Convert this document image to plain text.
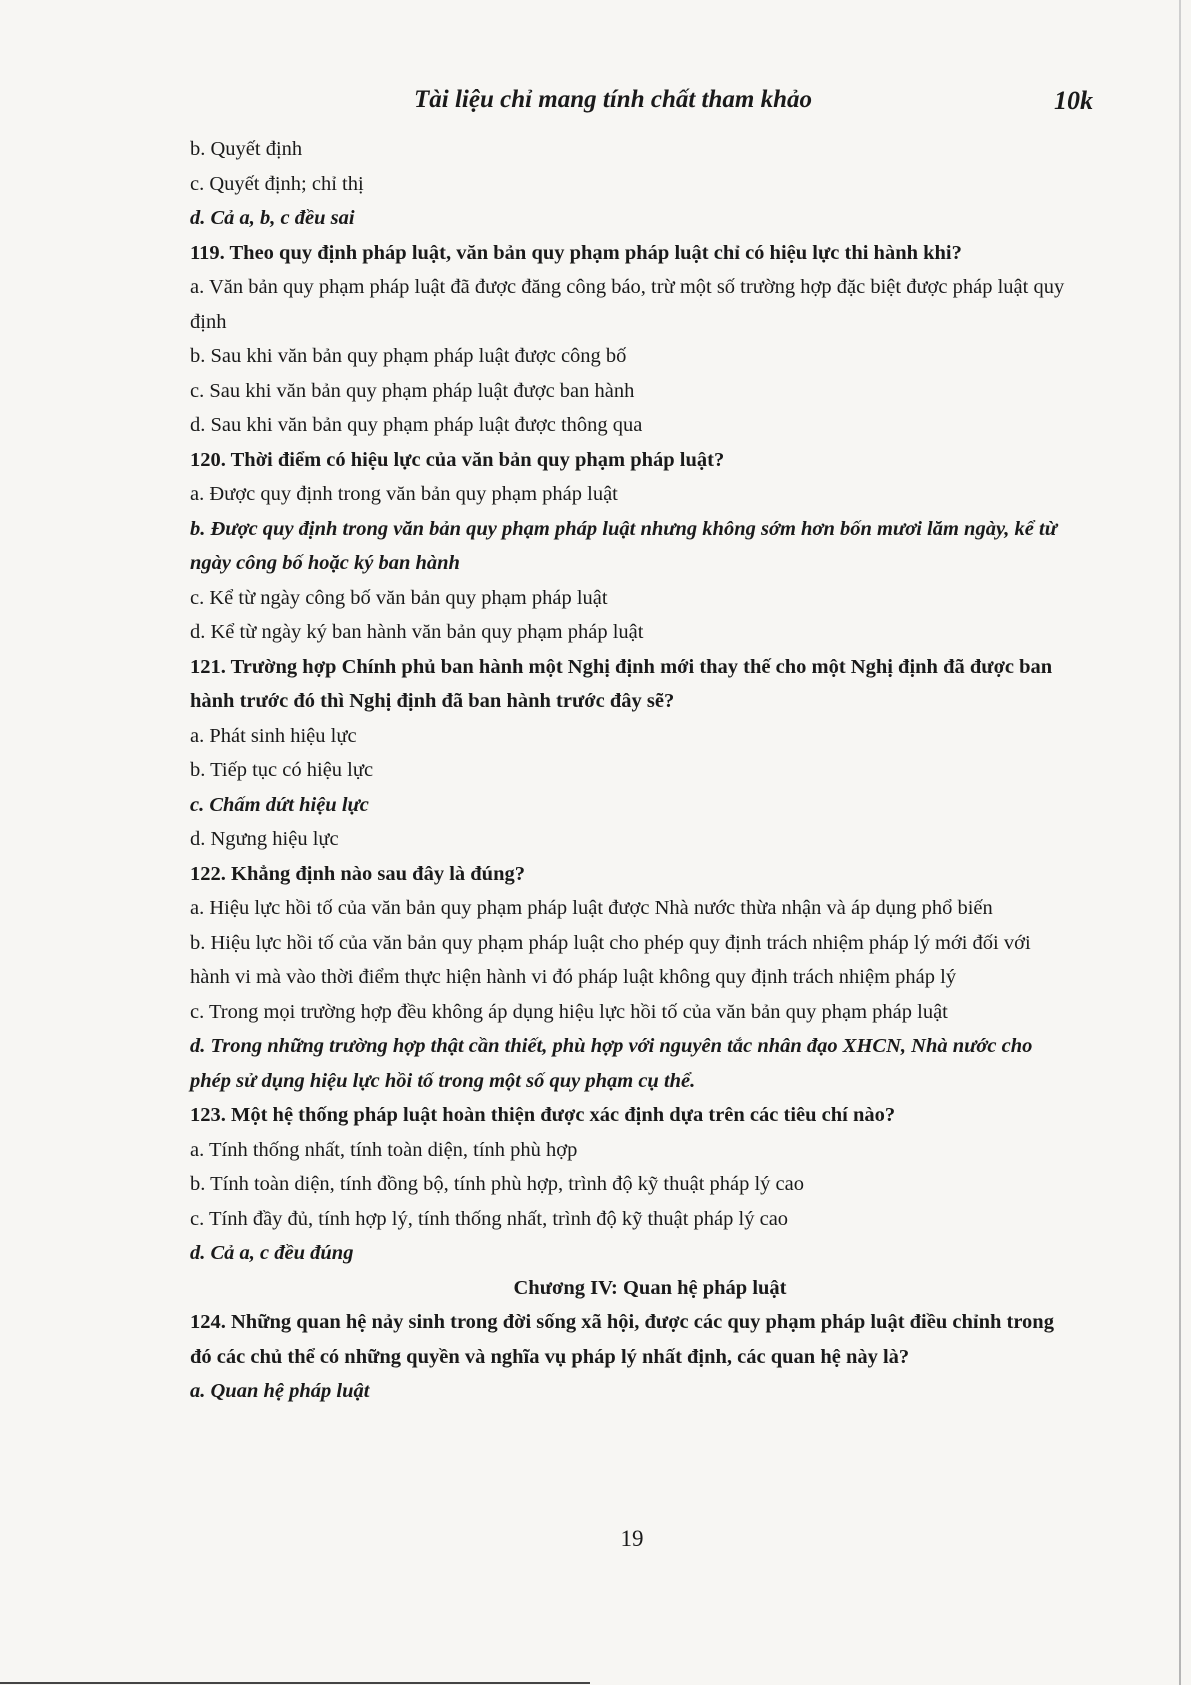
Tài liệu chỉ mang tính chất tham khảo	10k

b. Quyết định

c. Quyết định; chỉ thị

d. Cả a, b, c đều sai

119. Theo quy định pháp luật, văn bản quy phạm pháp luật chỉ có hiệu lực thi hành khi?

a. Văn bản quy phạm pháp luật đã được đăng công báo, trừ một số trường hợp đặc biệt được pháp luật quy định

b. Sau khi văn bản quy phạm pháp luật được công bố

c. Sau khi văn bản quy phạm pháp luật được ban hành

d. Sau khi văn bản quy phạm pháp luật được thông qua

120. Thời điểm có hiệu lực của văn bản quy phạm pháp luật?

a. Được quy định trong văn bản quy phạm pháp luật

b. Được quy định trong văn bản quy phạm pháp luật nhưng không sớm hơn bốn mươi lăm ngày, kể từ ngày công bố hoặc ký ban hành

c. Kể từ ngày công bố văn bản quy phạm pháp luật

d. Kể từ ngày ký ban hành văn bản quy phạm pháp luật

121. Trường hợp Chính phủ ban hành một Nghị định mới thay thế cho một Nghị định đã được ban hành trước đó thì Nghị định đã ban hành trước đây sẽ?

a. Phát sinh hiệu lực

b. Tiếp tục có hiệu lực

c. Chấm dứt hiệu lực

d. Ngưng hiệu lực

122. Khẳng định nào sau đây là đúng?

a. Hiệu lực hồi tố của văn bản quy phạm pháp luật được Nhà nước thừa nhận và áp dụng phổ biến

b. Hiệu lực hồi tố của văn bản quy phạm pháp luật cho phép quy định trách nhiệm pháp lý mới đối với hành vi mà vào thời điểm thực hiện hành vi đó pháp luật không quy định trách nhiệm pháp lý

c. Trong mọi trường hợp đều không áp dụng hiệu lực hồi tố của văn bản quy phạm pháp luật

d. Trong những trường hợp thật cần thiết, phù hợp với nguyên tắc nhân đạo XHCN, Nhà nước cho phép sử dụng hiệu lực hồi tố trong một số quy phạm cụ thể.

123. Một hệ thống pháp luật hoàn thiện được xác định dựa trên các tiêu chí nào?

a. Tính thống nhất, tính toàn diện, tính phù hợp

b. Tính toàn diện, tính đồng bộ, tính phù hợp, trình độ kỹ thuật pháp lý cao

c. Tính đầy đủ, tính hợp lý, tính thống nhất, trình độ kỹ thuật pháp lý cao

d. Cả a, c đều đúng

Chương IV: Quan hệ pháp luật

124. Những quan hệ nảy sinh trong đời sống xã hội, được các quy phạm pháp luật điều chỉnh trong đó các chủ thể có những quyền và nghĩa vụ pháp lý nhất định, các quan hệ này là?

a. Quan hệ pháp luật

19
